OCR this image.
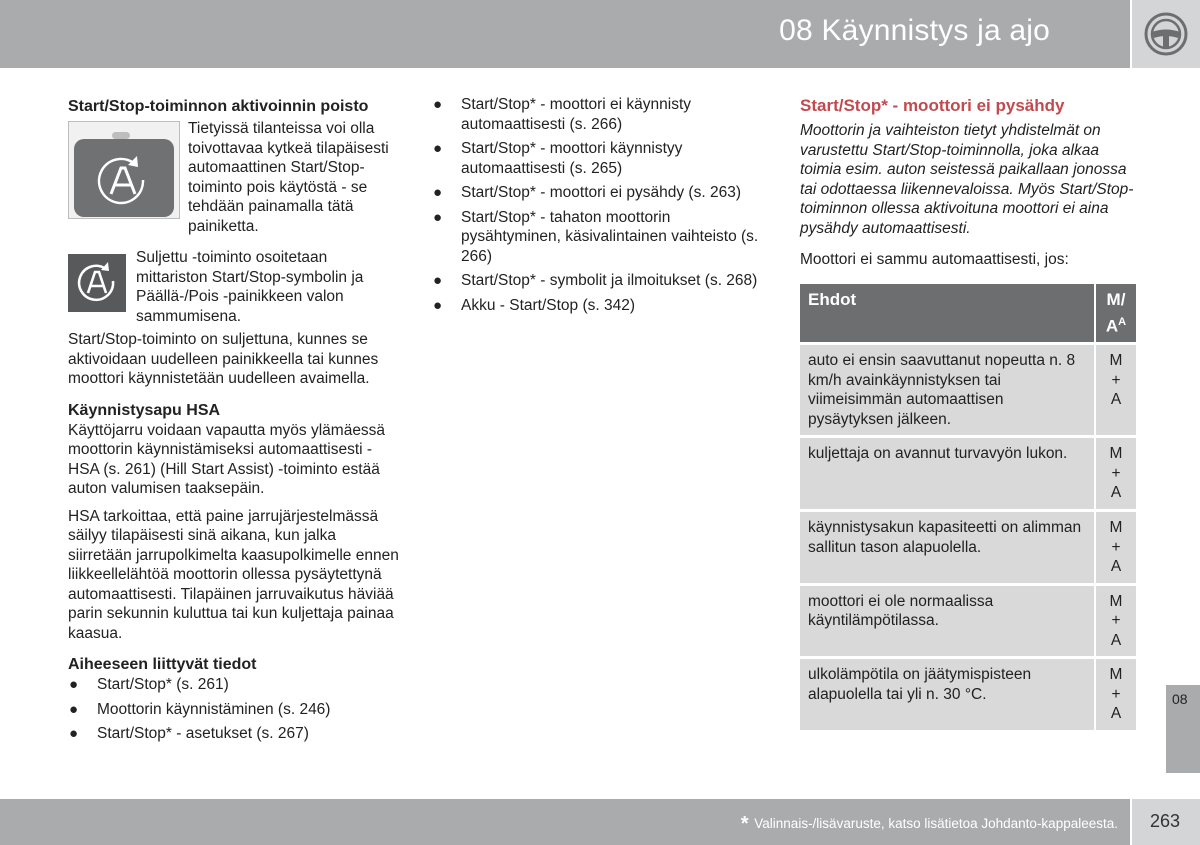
08 Käynnistys ja ajo
Start/Stop-toiminnon aktivoinnin poisto

Tietyissä tilanteissa voi olla toivottavaa kytkeä tilapäisesti automaattinen Start/Stop-toiminto pois käytöstä - se tehdään painamalla tätä painiketta.

Suljettu -toiminto osoitetaan mittariston Start/Stop-symbolin ja Päällä-/Pois -painikkeen valon sammumisena.

Start/Stop-toiminto on suljettuna, kunnes se aktivoidaan uudelleen painikkeella tai kunnes moottori käynnistetään uudelleen avaimella.

Käynnistysapu HSA

Käyttöjarru voidaan vapautta myös ylämäessä moottorin käynnistämiseksi automaattisesti - HSA (s. 261) (Hill Start Assist) -toiminto estää auton valumisen taaksepäin.

HSA tarkoittaa, että paine jarrujärjestelmässä säilyy tilapäisesti sinä aikana, kun jalka siirretään jarrupolkimelta kaasupolkimelle ennen liikkeellelähtöä moottorin ollessa pysäytettynä automaattisesti. Tilapäinen jarruvaikutus häviää parin sekunnin kuluttua tai kun kuljettaja painaa kaasua.

Aiheeseen liittyvät tiedot
● Start/Stop* (s. 261)
● Moottorin käynnistäminen (s. 246)
● Start/Stop* - asetukset (s. 267)
● Start/Stop* - moottori ei käynnisty automaattisesti (s. 266)
● Start/Stop* - moottori käynnistyy automaattisesti (s. 265)
● Start/Stop* - moottori ei pysähdy (s. 263)
● Start/Stop* - tahaton moottorin pysähtyminen, käsivalintainen vaihteisto (s. 266)
● Start/Stop* - symbolit ja ilmoitukset (s. 268)
● Akku - Start/Stop (s. 342)
Start/Stop* - moottori ei pysähdy

Moottorin ja vaihteiston tietyt yhdistelmät on varustettu Start/Stop-toiminnolla, joka alkaa toimia esim. auton seistessä paikallaan jonossa tai odottaessa liikennevaloissa. Myös Start/Stop-toiminnon ollessa aktivoituna moottori ei aina pysähdy automaattisesti.

Moottori ei sammu automaattisesti, jos:

Ehdot	M/
$A^A$
auto ei ensin saavuttanut nopeutta n. 8 km/h avainkäynnistyksen tai viimeisimmän automaattisen pysäytyksen jälkeen.	M
+
A
kuljettaja on avannut turvavyön lukon.	M
+
A
käynnistysakun kapasiteetti on alimman sallitun tason alapuolella.	M
+
A
moottori ei ole normaalissa käyntilämpötilassa.	M
+
A
ulkolämpötila on jäätymispisteen alapuolella tai yli n. 30 °C.	M
+
A
08
* Valinnais-/lisävaruste, katso lisätietoa Johdanto-kappaleesta. 263
